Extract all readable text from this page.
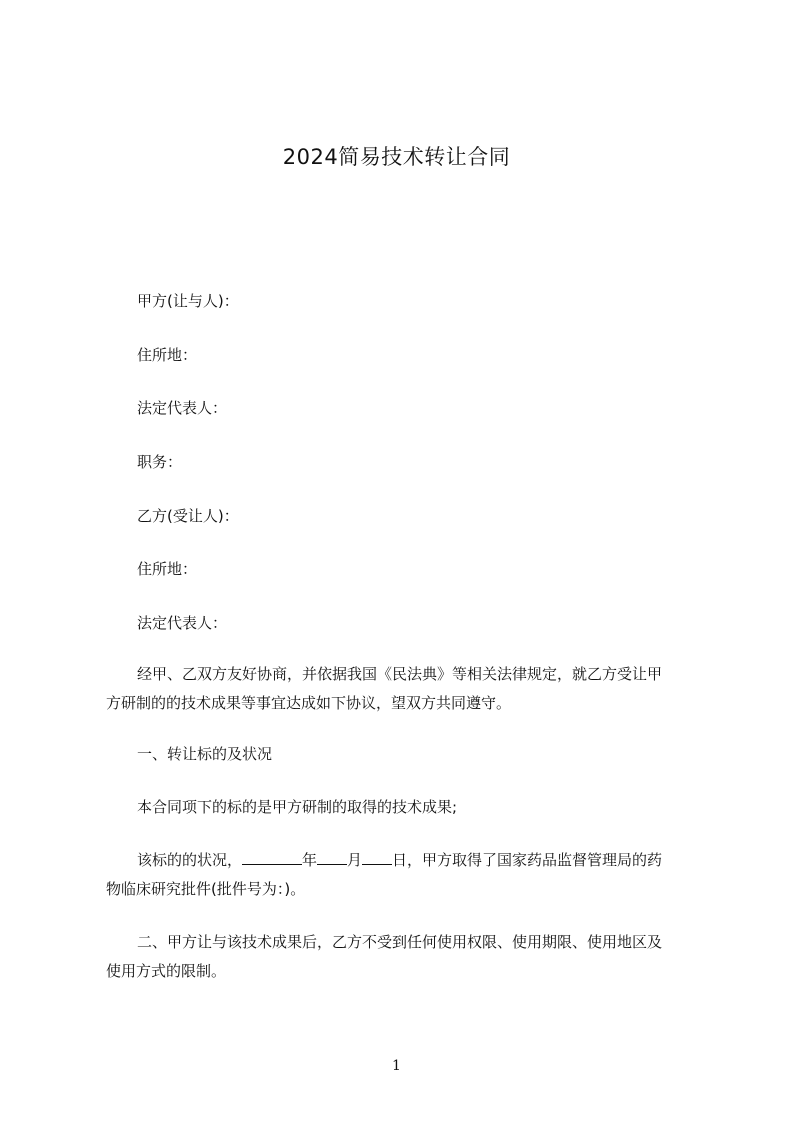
2024简易技术转让合同
甲方(让与人)：
住所地：
法定代表人：
职务：
乙方(受让人)：
住所地：
法定代表人：
经甲、乙双方友好协商，并依据我国《民法典》等相关法律规定，就乙方受让甲
方研制的的技术成果等事宜达成如下协议，望双方共同遵守。
一、转让标的及状况
本合同项下的标的是甲方研制的取得的技术成果;
该标的的状况，	年 月 日，甲方取得了国家药品监督管理局的药
物临床研究批件(批件号为：)。
二、甲方让与该技术成果后，乙方不受到任何使用权限、使用期限、使用地区及
使用方式的限制。
1
